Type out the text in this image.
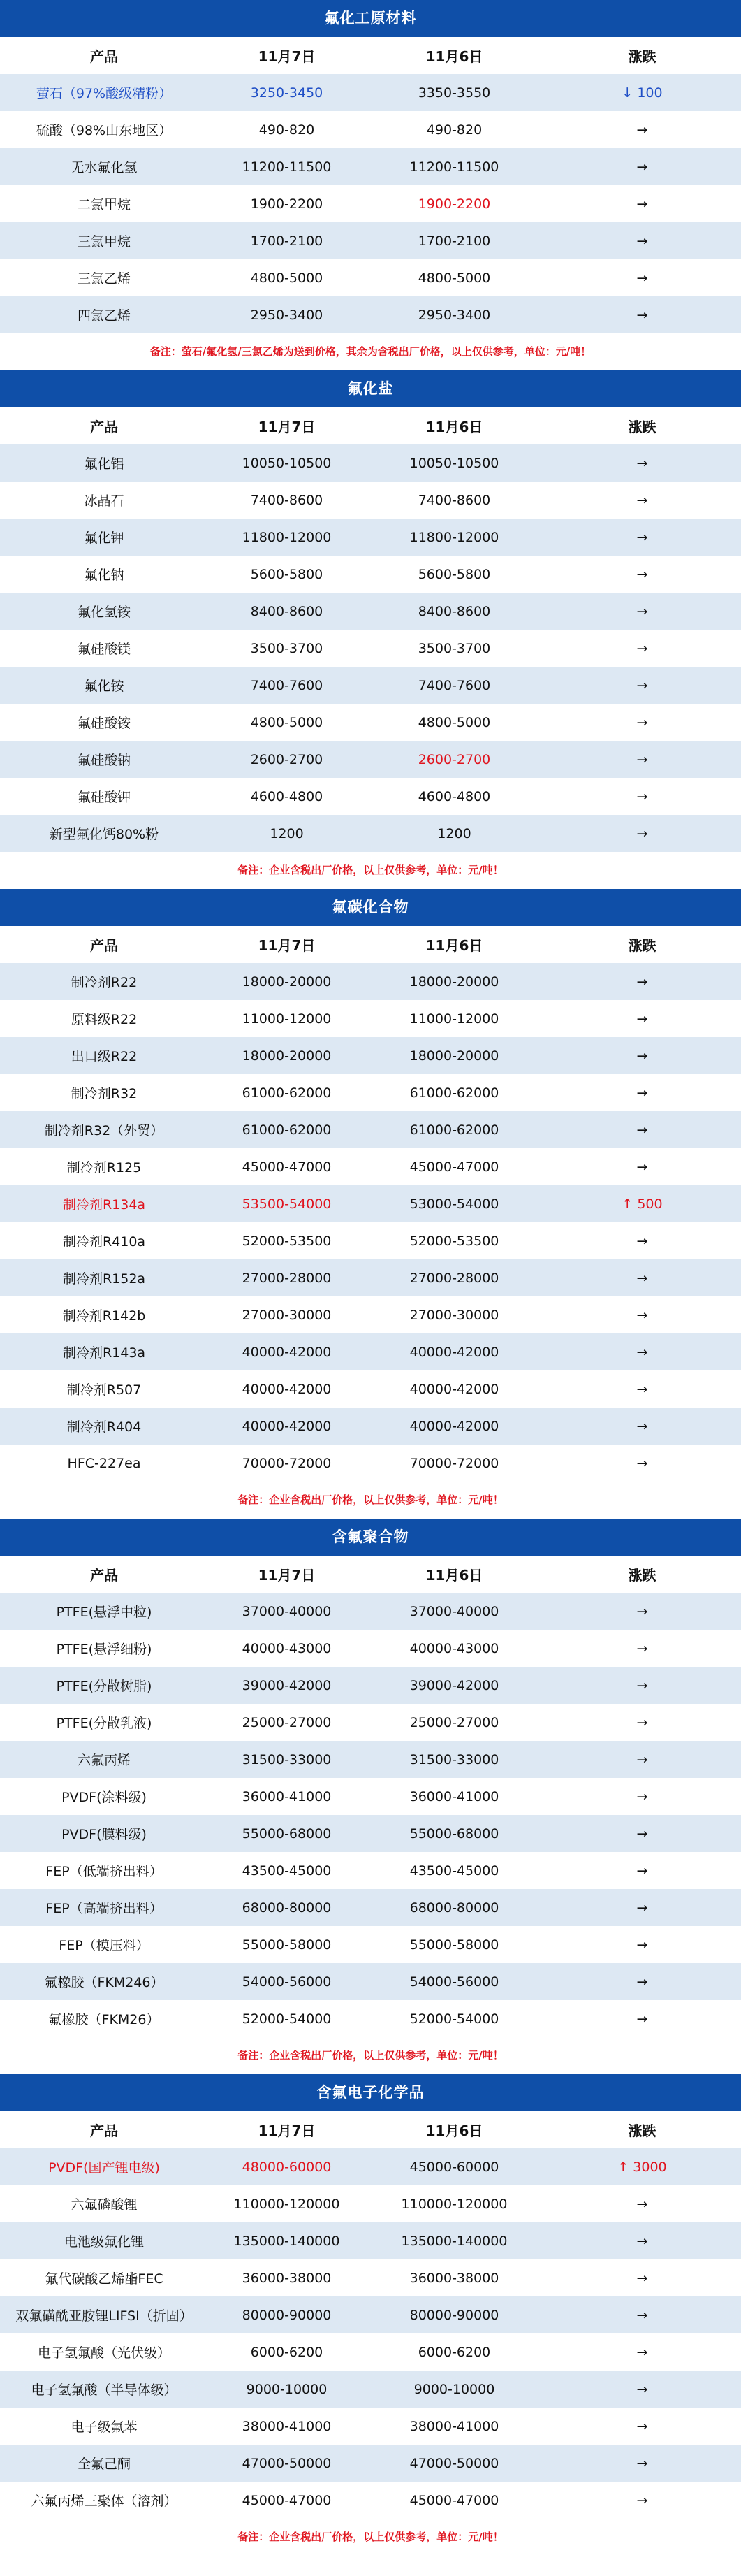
氟化工原材料
产品	11月7日	11月6日	涨跌
萤石（97%酸级精粉）	3250-3450	3350-3550	↓ 100
硫酸（98%山东地区）	490-820	490-820	→
无水氟化氢	11200-11500	11200-11500	→
二氯甲烷	1900-2200	1900-2200	→
三氯甲烷	1700-2100	1700-2100	→
三氯乙烯	4800-5000	4800-5000	→
四氯乙烯	2950-3400	2950-3400	→
备注：萤石/氟化氢/三氯乙烯为送到价格，其余为含税出厂价格，以上仅供参考，单位：元/吨！
氟化盐
产品	11月7日	11月6日	涨跌
氟化铝	10050-10500	10050-10500	→
冰晶石	7400-8600	7400-8600	→
氟化钾	11800-12000	11800-12000	→
氟化钠	5600-5800	5600-5800	→
氟化氢铵	8400-8600	8400-8600	→
氟硅酸镁	3500-3700	3500-3700	→
氟化铵	7400-7600	7400-7600	→
氟硅酸铵	4800-5000	4800-5000	→
氟硅酸钠	2600-2700	2600-2700	→
氟硅酸钾	4600-4800	4600-4800	→
新型氟化钙80%粉	1200	1200	→
备注：企业含税出厂价格，以上仅供参考，单位：元/吨！
氟碳化合物
产品	11月7日	11月6日	涨跌
制冷剂R22	18000-20000	18000-20000	→
原料级R22	11000-12000	11000-12000	→
出口级R22	18000-20000	18000-20000	→
制冷剂R32	61000-62000	61000-62000	→
制冷剂R32（外贸）	61000-62000	61000-62000	→
制冷剂R125	45000-47000	45000-47000	→
制冷剂R134a	53500-54000	53000-54000	↑ 500
制冷剂R410a	52000-53500	52000-53500	→
制冷剂R152a	27000-28000	27000-28000	→
制冷剂R142b	27000-30000	27000-30000	→
制冷剂R143a	40000-42000	40000-42000	→
制冷剂R507	40000-42000	40000-42000	→
制冷剂R404	40000-42000	40000-42000	→
HFC-227ea	70000-72000	70000-72000	→
备注：企业含税出厂价格，以上仅供参考，单位：元/吨！
含氟聚合物
产品	11月7日	11月6日	涨跌
PTFE(悬浮中粒)	37000-40000	37000-40000	→
PTFE(悬浮细粉)	40000-43000	40000-43000	→
PTFE(分散树脂)	39000-42000	39000-42000	→
PTFE(分散乳液)	25000-27000	25000-27000	→
六氟丙烯	31500-33000	31500-33000	→
PVDF(涂料级)	36000-41000	36000-41000	→
PVDF(膜料级)	55000-68000	55000-68000	→
FEP（低端挤出料）	43500-45000	43500-45000	→
FEP（高端挤出料）	68000-80000	68000-80000	→
FEP（模压料）	55000-58000	55000-58000	→
氟橡胶（FKM246）	54000-56000	54000-56000	→
氟橡胶（FKM26）	52000-54000	52000-54000	→
备注：企业含税出厂价格，以上仅供参考，单位：元/吨！
含氟电子化学品
产品	11月7日	11月6日	涨跌
PVDF(国产锂电级)	48000-60000	45000-60000	↑ 3000
六氟磷酸锂	110000-120000	110000-120000	→
电池级氟化锂	135000-140000	135000-140000	→
氟代碳酸乙烯酯FEC	36000-38000	36000-38000	→
双氟磺酰亚胺锂LIFSI（折固）	80000-90000	80000-90000	→
电子氢氟酸（光伏级）	6000-6200	6000-6200	→
电子氢氟酸（半导体级）	9000-10000	9000-10000	→
电子级氟苯	38000-41000	38000-41000	→
全氟己酮	47000-50000	47000-50000	→
六氟丙烯三聚体（溶剂）	45000-47000	45000-47000	→
备注：企业含税出厂价格，以上仅供参考，单位：元/吨！
